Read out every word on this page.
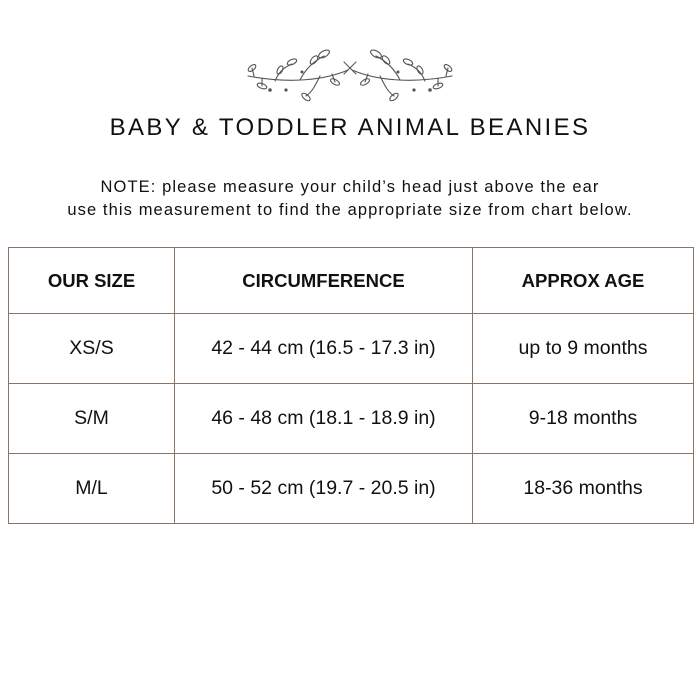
BABY & TODDLER ANIMAL BEANIES
NOTE: please measure your child’s head just above the ear
use this measurement to find the appropriate size from chart below.
OUR SIZE	CIRCUMFERENCE	APPROX AGE
XS/S	42 - 44 cm (16.5 - 17.3 in)	up to 9 months
S/M	46 - 48 cm (18.1 - 18.9 in)	9-18 months
M/L	50 - 52 cm (19.7 - 20.5 in)	18-36 months
